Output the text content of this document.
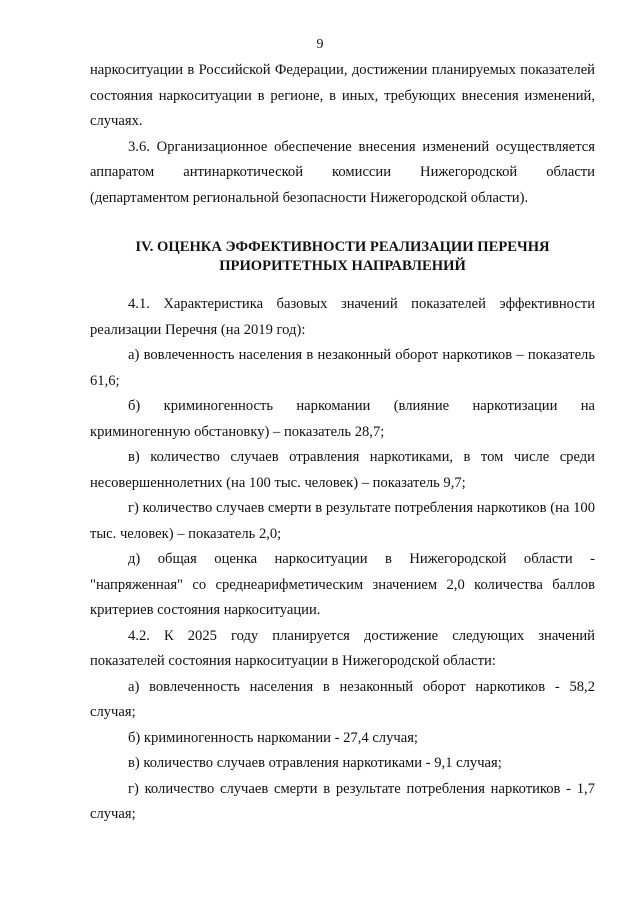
9

наркоситуации в Российской Федерации, достижении планируемых показателей состояния наркоситуации в регионе, в иных, требующих внесения изменений, случаях.

3.6. Организационное обеспечение внесения изменений осуществляется аппаратом антинаркотической комиссии Нижегородской области (департаментом региональной безопасности Нижегородской области).

IV. ОЦЕНКА ЭФФЕКТИВНОСТИ РЕАЛИЗАЦИИ ПЕРЕЧНЯ
ПРИОРИТЕТНЫХ НАПРАВЛЕНИЙ

4.1. Характеристика базовых значений показателей эффективности реализации Перечня (на 2019 год):

а) вовлеченность населения в незаконный оборот наркотиков – показатель 61,6;

б) криминогенность наркомании (влияние наркотизации на криминогенную обстановку) – показатель 28,7;

в) количество случаев отравления наркотиками, в том числе среди несовершеннолетних (на 100 тыс. человек) – показатель 9,7;

г) количество случаев смерти в результате потребления наркотиков (на 100 тыс. человек) – показатель 2,0;

д) общая оценка наркоситуации в Нижегородской области - "напряженная" со среднеарифметическим значением 2,0 количества баллов критериев состояния наркоситуации.

4.2. К 2025 году планируется достижение следующих значений показателей состояния наркоситуации в Нижегородской области:

а) вовлеченность населения в незаконный оборот наркотиков - 58,2 случая;

б) криминогенность наркомании - 27,4 случая;

в) количество случаев отравления наркотиками - 9,1 случая;

г) количество случаев смерти в результате потребления наркотиков - 1,7 случая;
